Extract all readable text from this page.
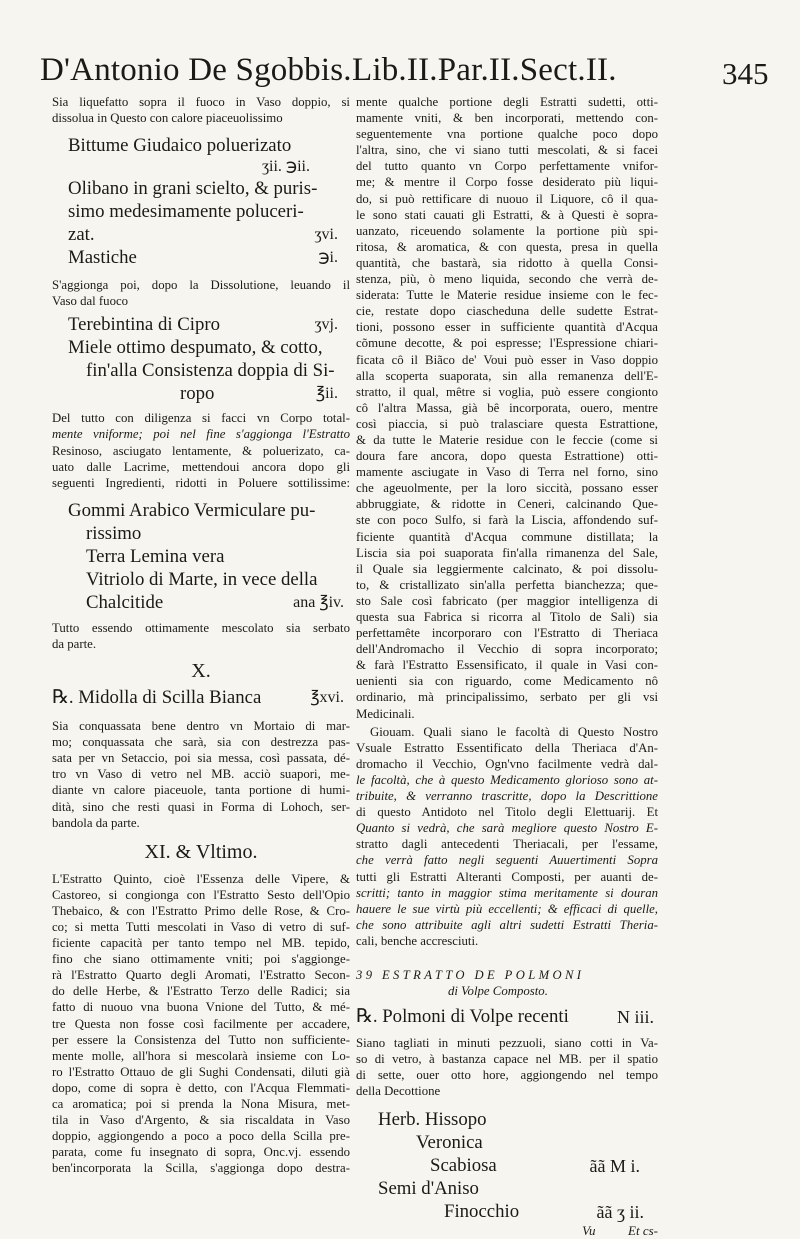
D'Antonio De Sgobbis. Lib.II.Par.II.Sect.II.	345
Sia liquefatto sopra il fuoco in Vaso doppio, si
dissolua in Questo con calore piaceuolissimo
Bittume Giudaico poluerizato
ʒii. ℈ii.
Olibano in grani scielto, & puris-
simo medesimamente poluceri-
zat.	ʒvi.
Mastiche	℈i.
S'aggionga poi, dopo la Dissolutione, leuando il
Vaso dal fuoco
Terebintina di Cipro	ʒvj.
Miele ottimo despumato, & cotto,
fin'alla Consistenza doppia di Si-
ropo	℥ii.
Del tutto con diligenza si facci vn Corpo total-
mente vniforme; poi nel fine s'aggionga l'Estratto
Resinoso, asciugato lentamente, & poluerizato, ca-
uato dalle Lacrime, mettendoui ancora dopo gli
seguenti Ingredienti, ridotti in Poluere sottilissime:
Gommi Arabico Vermiculare pu-
rissimo
Terra Lemina vera
Vitriolo di Marte, in vece della
Chalcitide	ana ℥iv.
Tutto essendo ottimamente mescolato sia serbato
da parte.
X.
℞. Midolla di Scilla Bianca	℥xvi.
Sia conquassata bene dentro vn Mortaio di mar-
mo; conquassata che sarà, sia con destrezza pas-
sata per vn Setaccio, poi sia messa, così passata, dé-
tro vn Vaso di vetro nel MB. acciò suapori, me-
diante vn calore piaceuole, tanta portione di humi-
dità, sino che resti quasi in Forma di Lohoch, ser-
bandola da parte.
XI. & Vltimo.
L'Estratto Quinto, cioè l'Essenza delle Vipere, &
Castoreo, si congionga con l'Estratto Sesto dell'Opio
Thebaico, & con l'Estratto Primo delle Rose, & Cro-
co; si metta Tutti mescolati in Vaso di vetro di suf-
ficiente capacità per tanto tempo nel MB. tepido,
fino che siano ottimamente vniti; poi s'aggionge-
rà l'Estratto Quarto degli Aromati, l'Estratto Secon-
do delle Herbe, & l'Estratto Terzo delle Radici; sia
fatto di nuouo vna buona Vnione del Tutto, & mé-
tre Questa non fosse così facilmente per accadere,
per essere la Consistenza del Tutto non sufficiente-
mente molle, all'hora si mescolarà insieme con Lo-
ro l'Estratto Ottauo de gli Sughi Condensati, diluti già
dopo, come di sopra è detto, con l'Acqua Flemmati-
ca aromatica; poi si prenda la Nona Misura, met-
tila in Vaso d'Argento, & sia riscaldata in Vaso
doppio, aggiongendo a poco a poco della Scilla pre-
parata, come fu insegnato di sopra, Onc.vj. essendo
ben'incorporata la Scilla, s'aggionga dopo destra-
mente qualche portione degli Estratti sudetti, otti-
mamente vniti, & ben incorporati, mettendo con-
seguentemente vna portione qualche poco dopo
l'altra, sino, che vi siano tutti mescolati, & si facei
del tutto quanto vn Corpo perfettamente vnifor-
me; & mentre il Corpo fosse desiderato più liqui-
do, si può rettificare di nuouo il Liquore, cô il qua-
le sono stati cauati gli Estratti, & à Questi è sopra-
uanzato, riceuendo solamente la portione più spi-
ritosa, & aromatica, & con questa, presa in quella
quantità, che bastarà, sia ridotto à quella Consi-
stenza, più, ò meno liquida, secondo che verrà de-
siderata: Tutte le Materie residue insieme con le fec-
cie, restate dopo ciascheduna delle sudette Estrat-
tioni, possono esser in sufficiente quantità d'Acqua
cõmune decotte, & poi espresse; l'Espressione chiari-
ficata cô il Biãco de' Voui può esser in Vaso doppio
alla scoperta suaporata, sin alla remanenza dell'E-
stratto, il qual, mêtre si voglia, può essere congionto
cô l'altra Massa, già bê incorporata, ouero, mentre
così piaccia, si può tralasciare questa Estrattione,
& da tutte le Materie residue con le feccie (come si
doura fare ancora, dopo questa Estrattione) otti-
mamente asciugate in Vaso di Terra nel forno, sino
che ageuolmente, per la loro siccità, possano esser
abbruggiate, & ridotte in Ceneri, calcinando Que-
ste con poco Sulfo, si farà la Liscia, affondendo suf-
ficiente quantità d'Acqua commune distillata; la
Liscia sia poi suaporata fin'alla rimanenza del Sale,
il Quale sia leggiermente calcinato, & poi dissolu-
to, & cristallizato sin'alla perfetta bianchezza; que-
sto Sale così fabricato (per maggior intelligenza di
questa sua Fabrica si ricorra al Titolo de Sali) sia
perfettamête incorporaro con l'Estratto di Theriaca
dell'Andromacho il Vecchio di sopra incorporato;
& farà l'Estratto Essensificato, il quale in Vasi con-
uenienti sia con riguardo, come Medicamento nô
ordinario, mà principalissimo, serbato per gli vsi
Medicinali.
Giouam. Quali siano le facoltà di Questo Nostro
Vsuale Estratto Essentificato della Theriaca d'An-
dromacho il Vecchio, Ogn'vno facilmente vedrà dal-
le facoltà, che à questo Medicamento glorioso sono at-
tribuite, & verranno trascritte, dopo la Descrittione
di questo Antidoto nel Titolo degli Elettuarij. Et
Quanto si vedrà, che sarà megliore questo Nostro E-
stratto dagli antecedenti Theriacali, per l'essame,
che verrà fatto negli seguenti Auuertimenti Sopra
tutti gli Estratti Alteranti Composti, per auanti de-
scritti; tanto in maggior stima meritamente si douran
hauere le sue virtù più eccellenti; & efficaci di quelle,
che sono attribuite agli altri sudetti Estratti Theria-
cali, benche accresciuti.
39 ESTRATTO DE POLMONI
di Volpe Composto.
℞. Polmoni di Volpe recenti	N iii.
Siano tagliati in minuti pezzuoli, siano cotti in Va-
so di vetro, à bastanza capace nel MB. per il spatio
di sette, ouer otto hore, aggiongendo nel tempo
della Decottione
Herb. Hissopo
Veronica
Scabiosa	ãã M i.
Semi d'Aniso
Finocchio	ãã ʒ ii.
Vu          Et cs-
